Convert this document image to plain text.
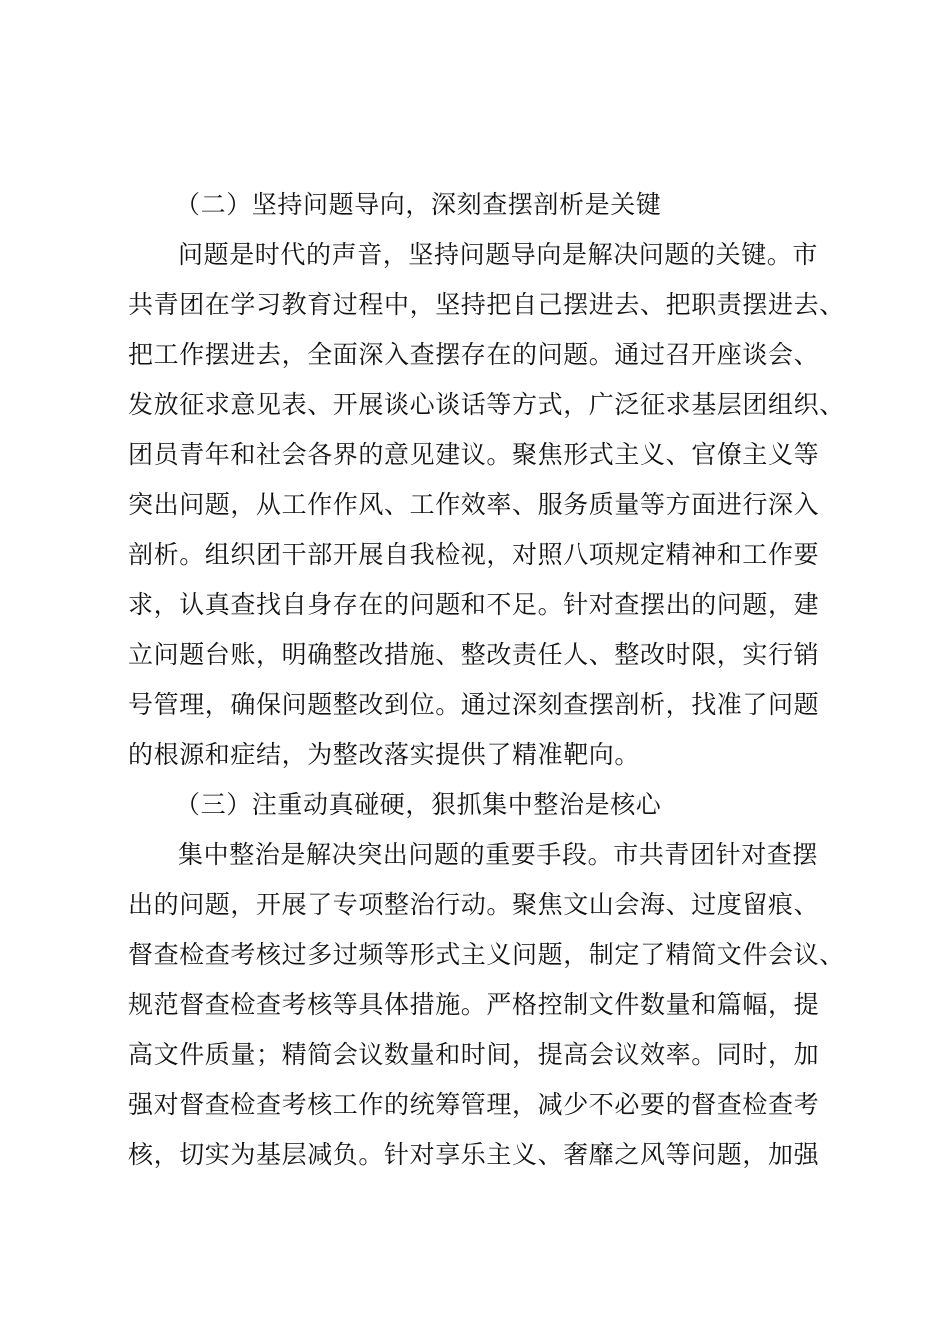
（二）坚持问题导向，深刻查摆剖析是关键

问题是时代的声音，坚持问题导向是解决问题的关键。市

共青团在学习教育过程中，坚持把自己摆进去、把职责摆进去、

把工作摆进去，全面深入查摆存在的问题。通过召开座谈会、

发放征求意见表、开展谈心谈话等方式，广泛征求基层团组织、

团员青年和社会各界的意见建议。聚焦形式主义、官僚主义等

突出问题，从工作作风、工作效率、服务质量等方面进行深入

剖析。组织团干部开展自我检视，对照八项规定精神和工作要

求，认真查找自身存在的问题和不足。针对查摆出的问题，建

立问题台账，明确整改措施、整改责任人、整改时限，实行销

号管理，确保问题整改到位。通过深刻查摆剖析，找准了问题

的根源和症结，为整改落实提供了精准靶向。

（三）注重动真碰硬，狠抓集中整治是核心

集中整治是解决突出问题的重要手段。市共青团针对查摆

出的问题，开展了专项整治行动。聚焦文山会海、过度留痕、

督查检查考核过多过频等形式主义问题，制定了精简文件会议、

规范督查检查考核等具体措施。严格控制文件数量和篇幅，提

高文件质量；精简会议数量和时间，提高会议效率。同时，加

强对督查检查考核工作的统筹管理，减少不必要的督查检查考

核，切实为基层减负。针对享乐主义、奢靡之风等问题，加强
